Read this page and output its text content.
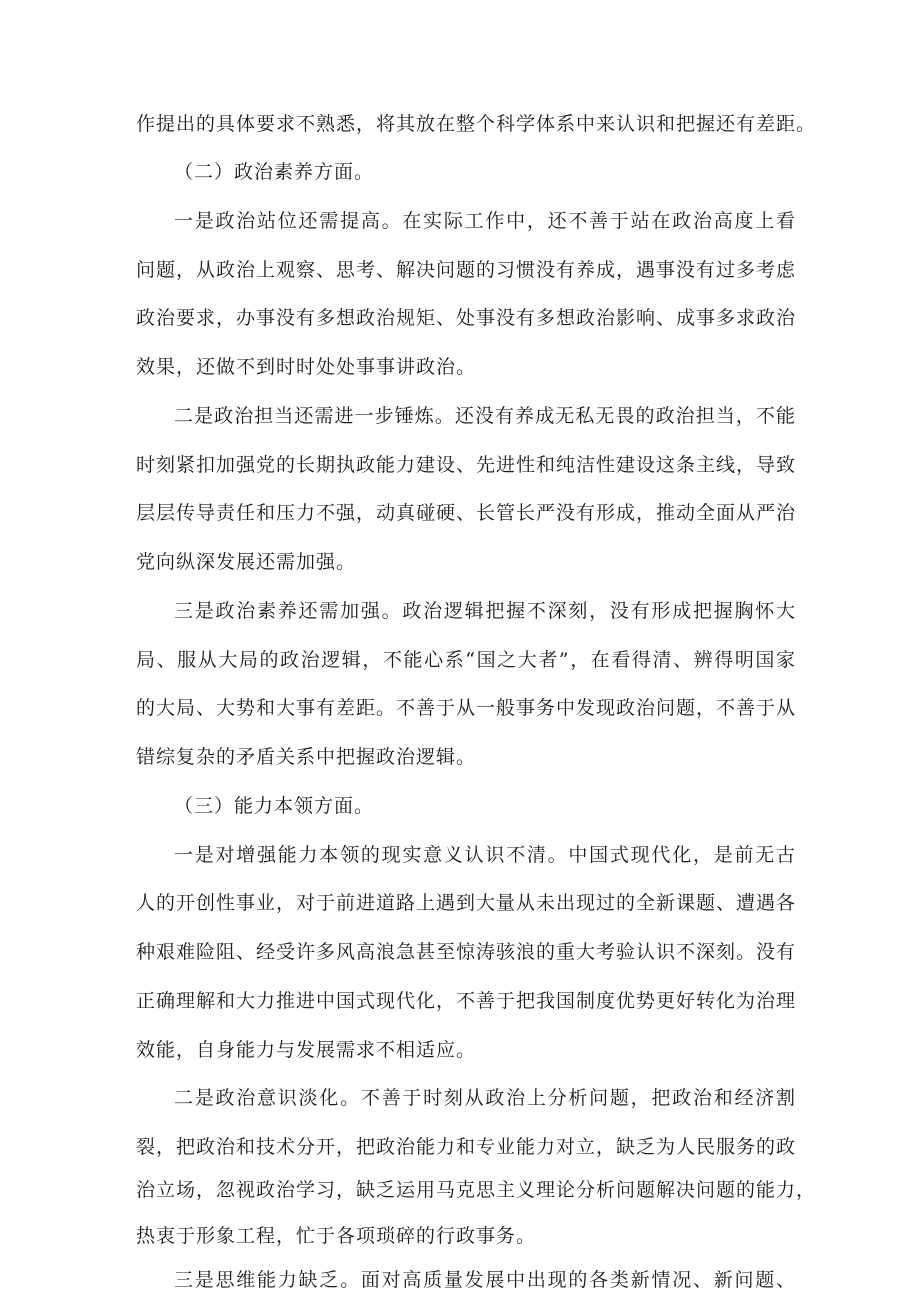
作提出的具体要求不熟悉，将其放在整个科学体系中来认识和把握还有差距。
（二）政治素养方面。
一是政治站位还需提高。在实际工作中，还不善于站在政治高度上看
问题，从政治上观察、思考、解决问题的习惯没有养成，遇事没有过多考虑
政治要求，办事没有多想政治规矩、处事没有多想政治影响、成事多求政治
效果，还做不到时时处处事事讲政治。
二是政治担当还需进一步锤炼。还没有养成无私无畏的政治担当，不能
时刻紧扣加强党的长期执政能力建设、先进性和纯洁性建设这条主线，导致
层层传导责任和压力不强，动真碰硬、长管长严没有形成，推动全面从严治
党向纵深发展还需加强。
三是政治素养还需加强。政治逻辑把握不深刻，没有形成把握胸怀大
局、服从大局的政治逻辑，不能心系“国之大者”，在看得清、辨得明国家
的大局、大势和大事有差距。不善于从一般事务中发现政治问题，不善于从
错综复杂的矛盾关系中把握政治逻辑。
（三）能力本领方面。
一是对增强能力本领的现实意义认识不清。中国式现代化，是前无古
人的开创性事业，对于前进道路上遇到大量从未出现过的全新课题、遭遇各
种艰难险阻、经受许多风高浪急甚至惊涛骇浪的重大考验认识不深刻。没有
正确理解和大力推进中国式现代化，不善于把我国制度优势更好转化为治理
效能，自身能力与发展需求不相适应。
二是政治意识淡化。不善于时刻从政治上分析问题，把政治和经济割
裂，把政治和技术分开，把政治能力和专业能力对立，缺乏为人民服务的政
治立场，忽视政治学习，缺乏运用马克思主义理论分析问题解决问题的能力，
热衷于形象工程，忙于各项琐碎的行政事务。
三是思维能力缺乏。面对高质量发展中出现的各类新情况、新问题、
